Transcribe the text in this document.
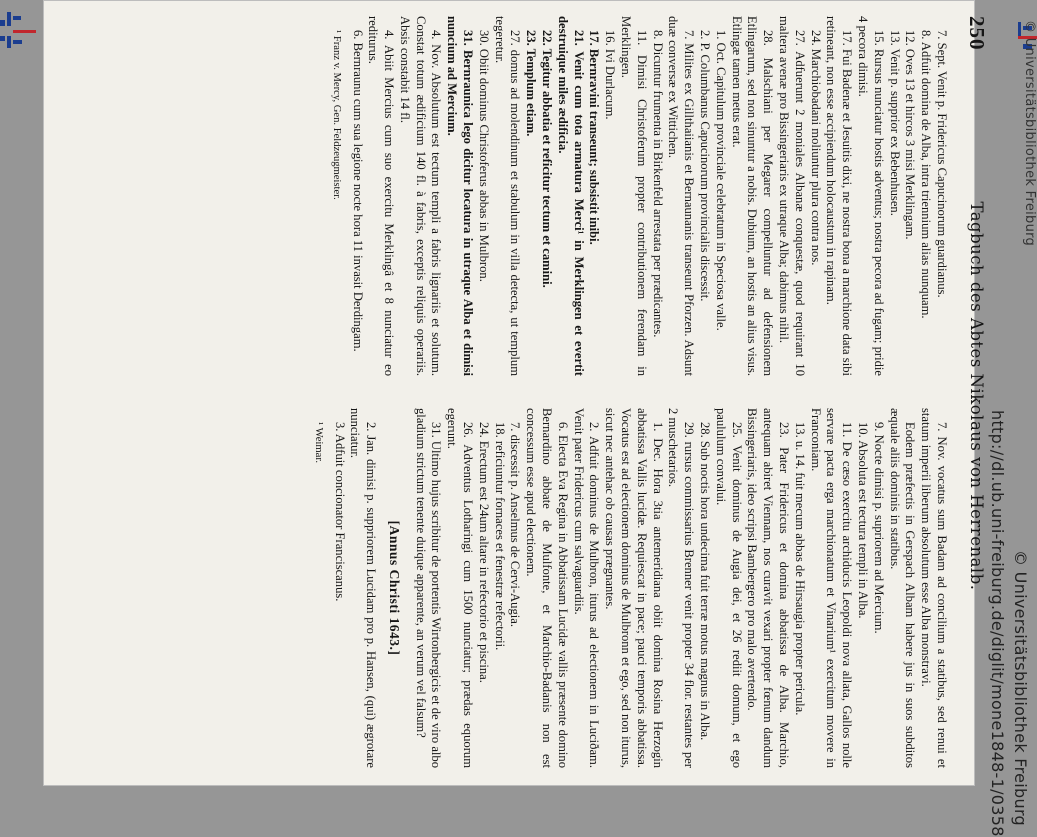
250
Tagbuch des Abtes Nikolaus von Herrenalb.

7. Sept. Venit p. Fridericus Capucinorum guardianus.

8. Adfuit domina de Alba, intra triennium alias nunquam.

12. Oves 13 et hircos 3 misi Merklingam.

13. Venit p. supprior ex Bebenhusen.

15. Rursus nunciatur hostis adventus; nostra pecora ad fugam; pridie 4 pecora dimisi.

17. Fui Badenæ et Jesuitis dixi, ne nostra bona a marchione data sibi retineant, non esse accipiendum holocaustum in rapinam.

24. Marchiobadani moliuntur plura contra nos.

27. Adfuerunt 2 moniales Albanæ conquestæ, quod requirant 10 maltera avenæ pro Bissingeriaris ex utraque Alba; dabimus nihil.

28. Malschiani per Megarer compelluntur ad defensionem Etlingarum, sed non sinuntur a nobis. Dubium, an hostis an alius visus. Etlingæ tamen metus erat.

1. Oct. Capitulum provinciale celebratum in Speciosa valle.

2. P. Columbanus Capucinorum provincialis discessit.

7. Milites ex Gillthaiianis et Bernaunanis transeunt Pforzen. Adsunt duæ conversæ ex Wittichen.

8. Dicuntur frumenta in Birkenfeld arrestata per prædicantes.

11. Dimisi Christoferum propter contributionem ferendam in Merklingen.

16. Ivi Durlacum.

17. Bernravini transeunt; subsistit inibi.

21. Venit cum tota armatura Merci¹ in Merklingen et evertit destruique miles ædificia.

22. Tegitur abbatia et reficitur tectum et camini.

23. Templum etiam.

27. domus ad molendinum et stabulum in villa detecta, ut templum tegeretur.

30. Obiit dominus Christoferus abbas in Mulbron.

31. Bernraunica lego dicitur locatura in utraque Alba et dimisi nuncium ad Mercium.

4. Nov. Absolutum est tectum templi a fabris lignariis et solutum. Constat totum ædificium 140 fl. à fabris, exceptis reliquis operariis. Absis constabit 14 fl.

4. Abiit Mercius cum suo exercitu Merklingâ et 8 nunciatur eo rediturus.

6. Bernraunu cum sua legione nocte hora 11 invasit Derdingam.

¹ Franz v. Mercy, Gen. Feldzeugmeister.

7. Nov. vocatus sum Badam ad concilium a statibus, sed renui et statum imperii liberum absolutum esse Alba monstravi.

Eodem præfectis in Gerspach Albam habere jus in suos subditos æquale aliis dominis in statibus.

9. Nocte dimisi p. supriorem ad Mercium.

10. Absoluta est tectura templi in Alba.

11. De cæso exercitu archiducis Leopoldi nova allata, Gallos nolle servare pacta erga marchionatum et Vinarium¹ exercitum movere in Franconiam.

13. u. 14. fuit mecum abbas de Hirsaugia propter pericula.

23. Pater Fridericus et domina abbatissa de Alba. Marchio, antequam abiret Viennam, nos curavit vexari propter fœnum dandum Bissingeriaris, ideo scripsi Bambergero pro malo avertendo.

25. Venit dominus de Augia dei, et 26 rediit domum, et ego paululum convalui.

28. Sub noctis hora undecima fuit terræ motus magnus in Alba.

29. rursus commissarius Brenner venit propter 34 flor. restantes per 2 muschetarios.

1. Dec. Hora 3tia antemeridiana obiit domina Rosina Herzogin abbatissa Vallis lucidæ. Requiescat in pace; pauci temporis abbatissa. Vocatus est ad electionem dominus de Mulbronn et ego, sed non iturus, sicut nec antehac ob causas prægnantes.

2. Adfuit dominus de Mulbron, iturus ad electionem in Luciðam. Venit pater Fridericus cum salvaguardiis.

6. Electa Eva Regina in Abbatissam Lucidæ vallis præsente domino Bernardino abbate de Mulfonte, et Marchio-Badanis non est concessum esse apud electionem.

7. discessit p. Anselmus de Cervi-Augia.

18. reficiuntur fornaces et fenestræ refectorii.

24. Erectum est 24um altare in refectorio et piscina.

26. Adventus Lotharingi cum 1500 nunciatur; prædas equorum egerunt.

31. Ultimo hujus scribitur de portentis Wirtonbergicis et de viro albo gladium strictum tenente duique apparente, an verum vel falsum?

[Annus Christi 1643.]

2. Jan. dimisi p. suppriorem Lucidam pro p. Hansen, (qui) ægrotare nunciatur.

3. Adfuit concionator Franciscanus.

¹ Weimar.	http://dl.ub.uni-freiburg.de/diglit/mone1848-1/0358 © Universitätsbibliothek Freiburg
© Universitätsbibliothek Freiburg
